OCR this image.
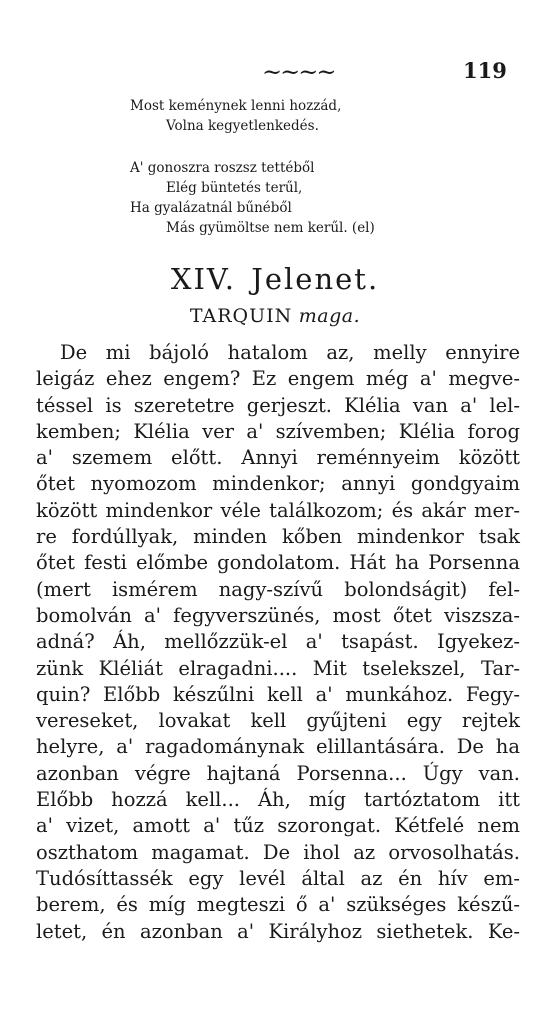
~~~~	119
Most keménynek lenni hozzád,
Volna kegyetlenkedés.
A' gonoszra roszsz tettéből
Elég büntetés terűl,
Ha gyalázatnál bűnéből
Más gyümöltse nem kerűl. (el)
XIV. Jelenet.
TARQUIN maga.
De mi bájoló hatalom az, melly ennyire
leigáz ehez engem? Ez engem még a' megve-
téssel is szeretetre gerjeszt. Klélia van a' lel-
kemben; Klélia ver a' szívemben; Klélia forog
a' szemem előtt. Annyi reménnyeim között
őtet nyomozom mindenkor; annyi gondgyaim
között mindenkor véle találkozom; és akár mer-
re fordúllyak, minden kőben mindenkor tsak
őtet festi előmbe gondolatom. Hát ha Porsenna
(mert ismérem nagy-szívű bolondságit) fel-
bomolván a' fegyverszünés, most őtet viszsza-
adná? Áh, mellőzzük-el a' tsapást. Igyekez-
zünk Kléliát elragadni.... Mit tselekszel, Tar-
quin? Előbb készűlni kell a' munkához. Fegy-
vereseket, lovakat kell gyűjteni egy rejtek
helyre, a' ragadománynak elillantására. De ha
azonban végre hajtaná Porsenna... Úgy van.
Előbb hozzá kell... Áh, míg tartóztatom itt
a' vizet, amott a' tűz szorongat. Kétfelé nem
oszthatom magamat. De ihol az orvosolhatás.
Tudósíttassék egy levél által az én hív em-
berem, és míg megteszi ő a' szükséges készű-
letet, én azonban a' Királyhoz siethetek. Ke-
